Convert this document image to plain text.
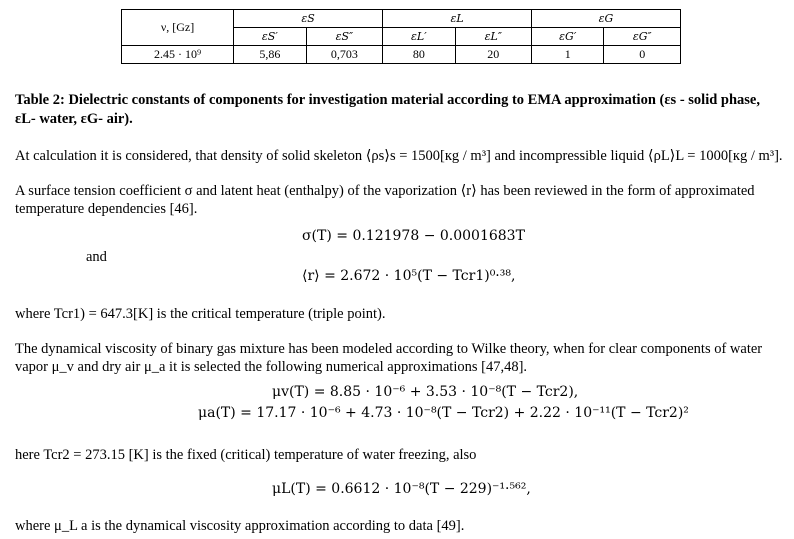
ν, [Gz]	εS		εL		εG	
	εS′	εS″	εL′	εL″	εG′	εG″
2.45 · 10⁹	5,86	0,703	80	20	1	0
Table 2: Dielectric constants of components for investigation material according to EMA approximation (εs - solid phase,
εL- water, εG- air).
At calculation it is considered, that density of solid skeleton ⟨ρs⟩s = 1500[кg / m³] and incompressible liquid ⟨ρL⟩L = 1000[кg / m³].
A surface tension coefficient σ and latent heat (enthalpy) of the vaporization ⟨r⟩ has been reviewed in the form of approximated
temperature dependencies [46].
σ(T) = 0.121978 − 0.0001683T
and
⟨r⟩ = 2.672 · 10⁵(T − Tcr1)⁰·³⁸,
where Tcr1) = 647.3[K] is the critical temperature (triple point).
The dynamical viscosity of binary gas mixture has been modeled according to Wilke theory, when for clear components of water
vapor μ_v and dry air μ_a it is selected the following numerical approximations [47,48].
μv(T) = 8.85 · 10⁻⁶ + 3.53 · 10⁻⁸(T − Tcr2),
μa(T) = 17.17 · 10⁻⁶ + 4.73 · 10⁻⁸(T − Tcr2) + 2.22 · 10⁻¹¹(T − Tcr2)²
here Tcr2 = 273.15 [K] is the fixed (critical) temperature of water freezing, also
μL(T) = 0.6612 · 10⁻⁸(T − 229)⁻¹·⁵⁶²,
where μ_L a is the dynamical viscosity approximation according to data [49].
